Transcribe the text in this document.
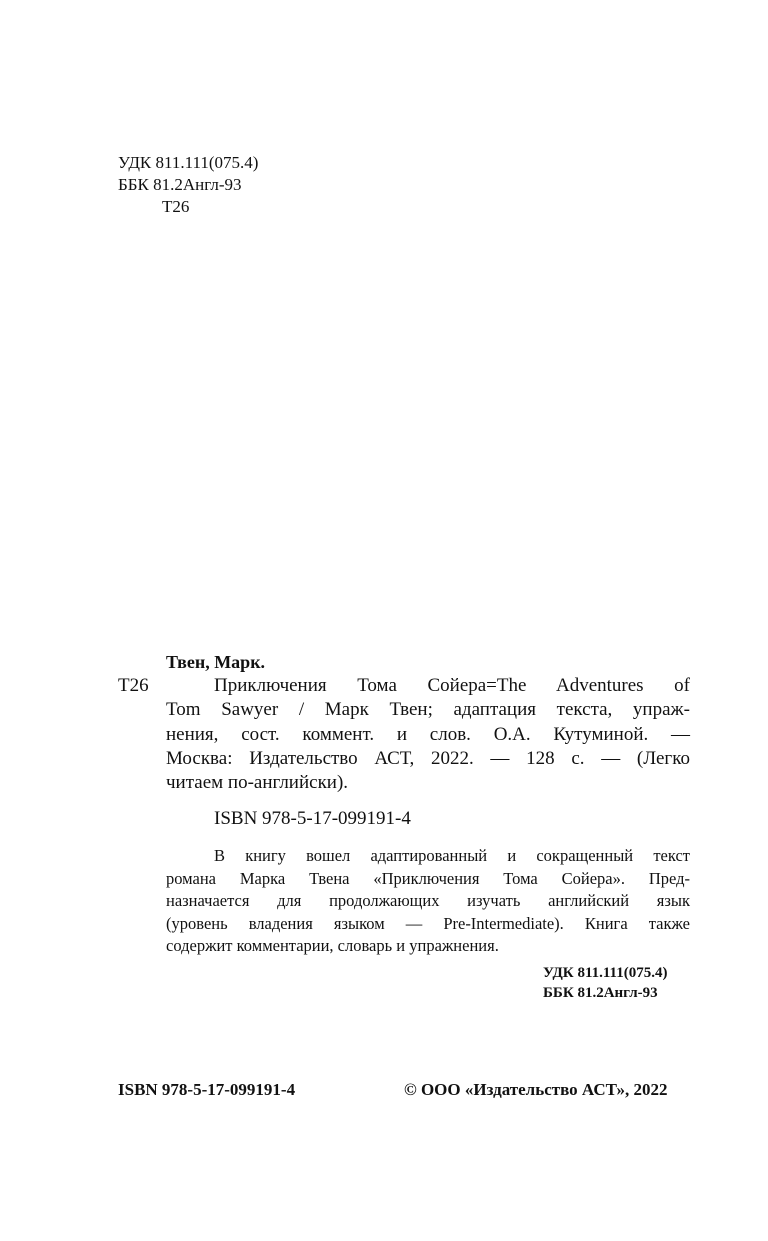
УДК 811.111(075.4)
ББК 81.2Англ-93
Т26
Твен, Марк.
Т26	Приключения Тома Сойера=The Adventures of
Tom Sawyer / Марк Твен; адаптация текста, упраж-
нения, сост. коммент. и слов. О.А. Кутуминой. —
Москва: Издательство АСТ, 2022. — 128 с. — (Легко
читаем по-английски).
ISBN 978-5-17-099191-4
В книгу вошел адаптированный и сокращенный текст
романа Марка Твена «Приключения Тома Сойера». Пред-
назначается для продолжающих изучать английский язык
(уровень владения языком — Pre-Intermediate). Книга также
содержит комментарии, словарь и упражнения.
УДК 811.111(075.4)
ББК 81.2Англ-93
ISBN 978-5-17-099191-4	© ООО «Издательство АСТ», 2022
